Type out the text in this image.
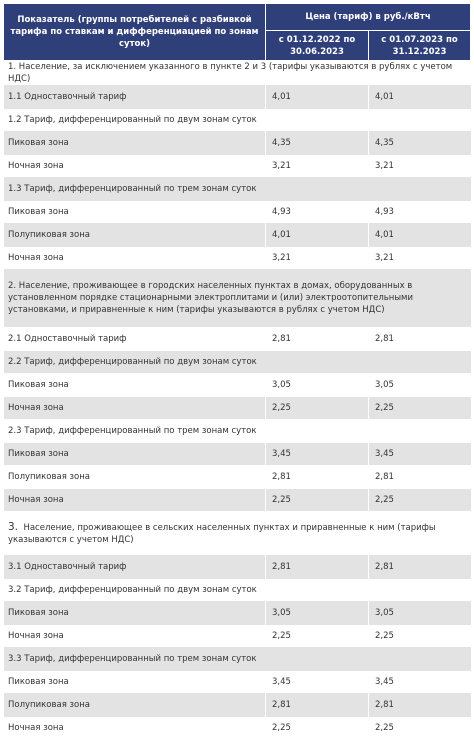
Показатель (группы потребителей с разбивкой тарифа по ставкам и дифференциацией по зонам суток)	Цена (тариф) в руб./кВтч	
	с 01.12.2022 по 30.06.2023	с 01.07.2023 по 31.12.2023
1. Население, за исключением указанного в пункте 2 и 3 (тарифы указываются в рублях с учетом НДС)		
1.1 Одноставочный тариф	4,01	4,01
1.2 Тариф, дифференцированный по двум зонам суток		
Пиковая зона	4,35	4,35
Ночная зона	3,21	3,21
1.3 Тариф, дифференцированный по трем зонам суток		
Пиковая зона	4,93	4,93
Полупиковая зона	4,01	4,01
Ночная зона	3,21	3,21
2. Население, проживающее в городских населенных пунктах в домах, оборудованных в установленном порядке стационарными электроплитами и (или) электроотопительными установками, и приравненные к ним (тарифы указываются в рублях с учетом НДС)		
2.1 Одноставочный тариф	2,81	2,81
2.2 Тариф, дифференцированный по двум зонам суток		
Пиковая зона	3,05	3,05
Ночная зона	2,25	2,25
2.3 Тариф, дифференцированный по трем зонам суток		
Пиковая зона	3,45	3,45
Полупиковая зона	2,81	2,81
Ночная зона	2,25	2,25
3. Население, проживающее в сельских населенных пунктах и приравненные к ним (тарифы указываются с учетом НДС)		
3.1 Одноставочный тариф	2,81	2,81
3.2 Тариф, дифференцированный по двум зонам суток		
Пиковая зона	3,05	3,05
Ночная зона	2,25	2,25
3.3 Тариф, дифференцированный по трем зонам суток		
Пиковая зона	3,45	3,45
Полупиковая зона	2,81	2,81
Ночная зона	2,25	2,25
